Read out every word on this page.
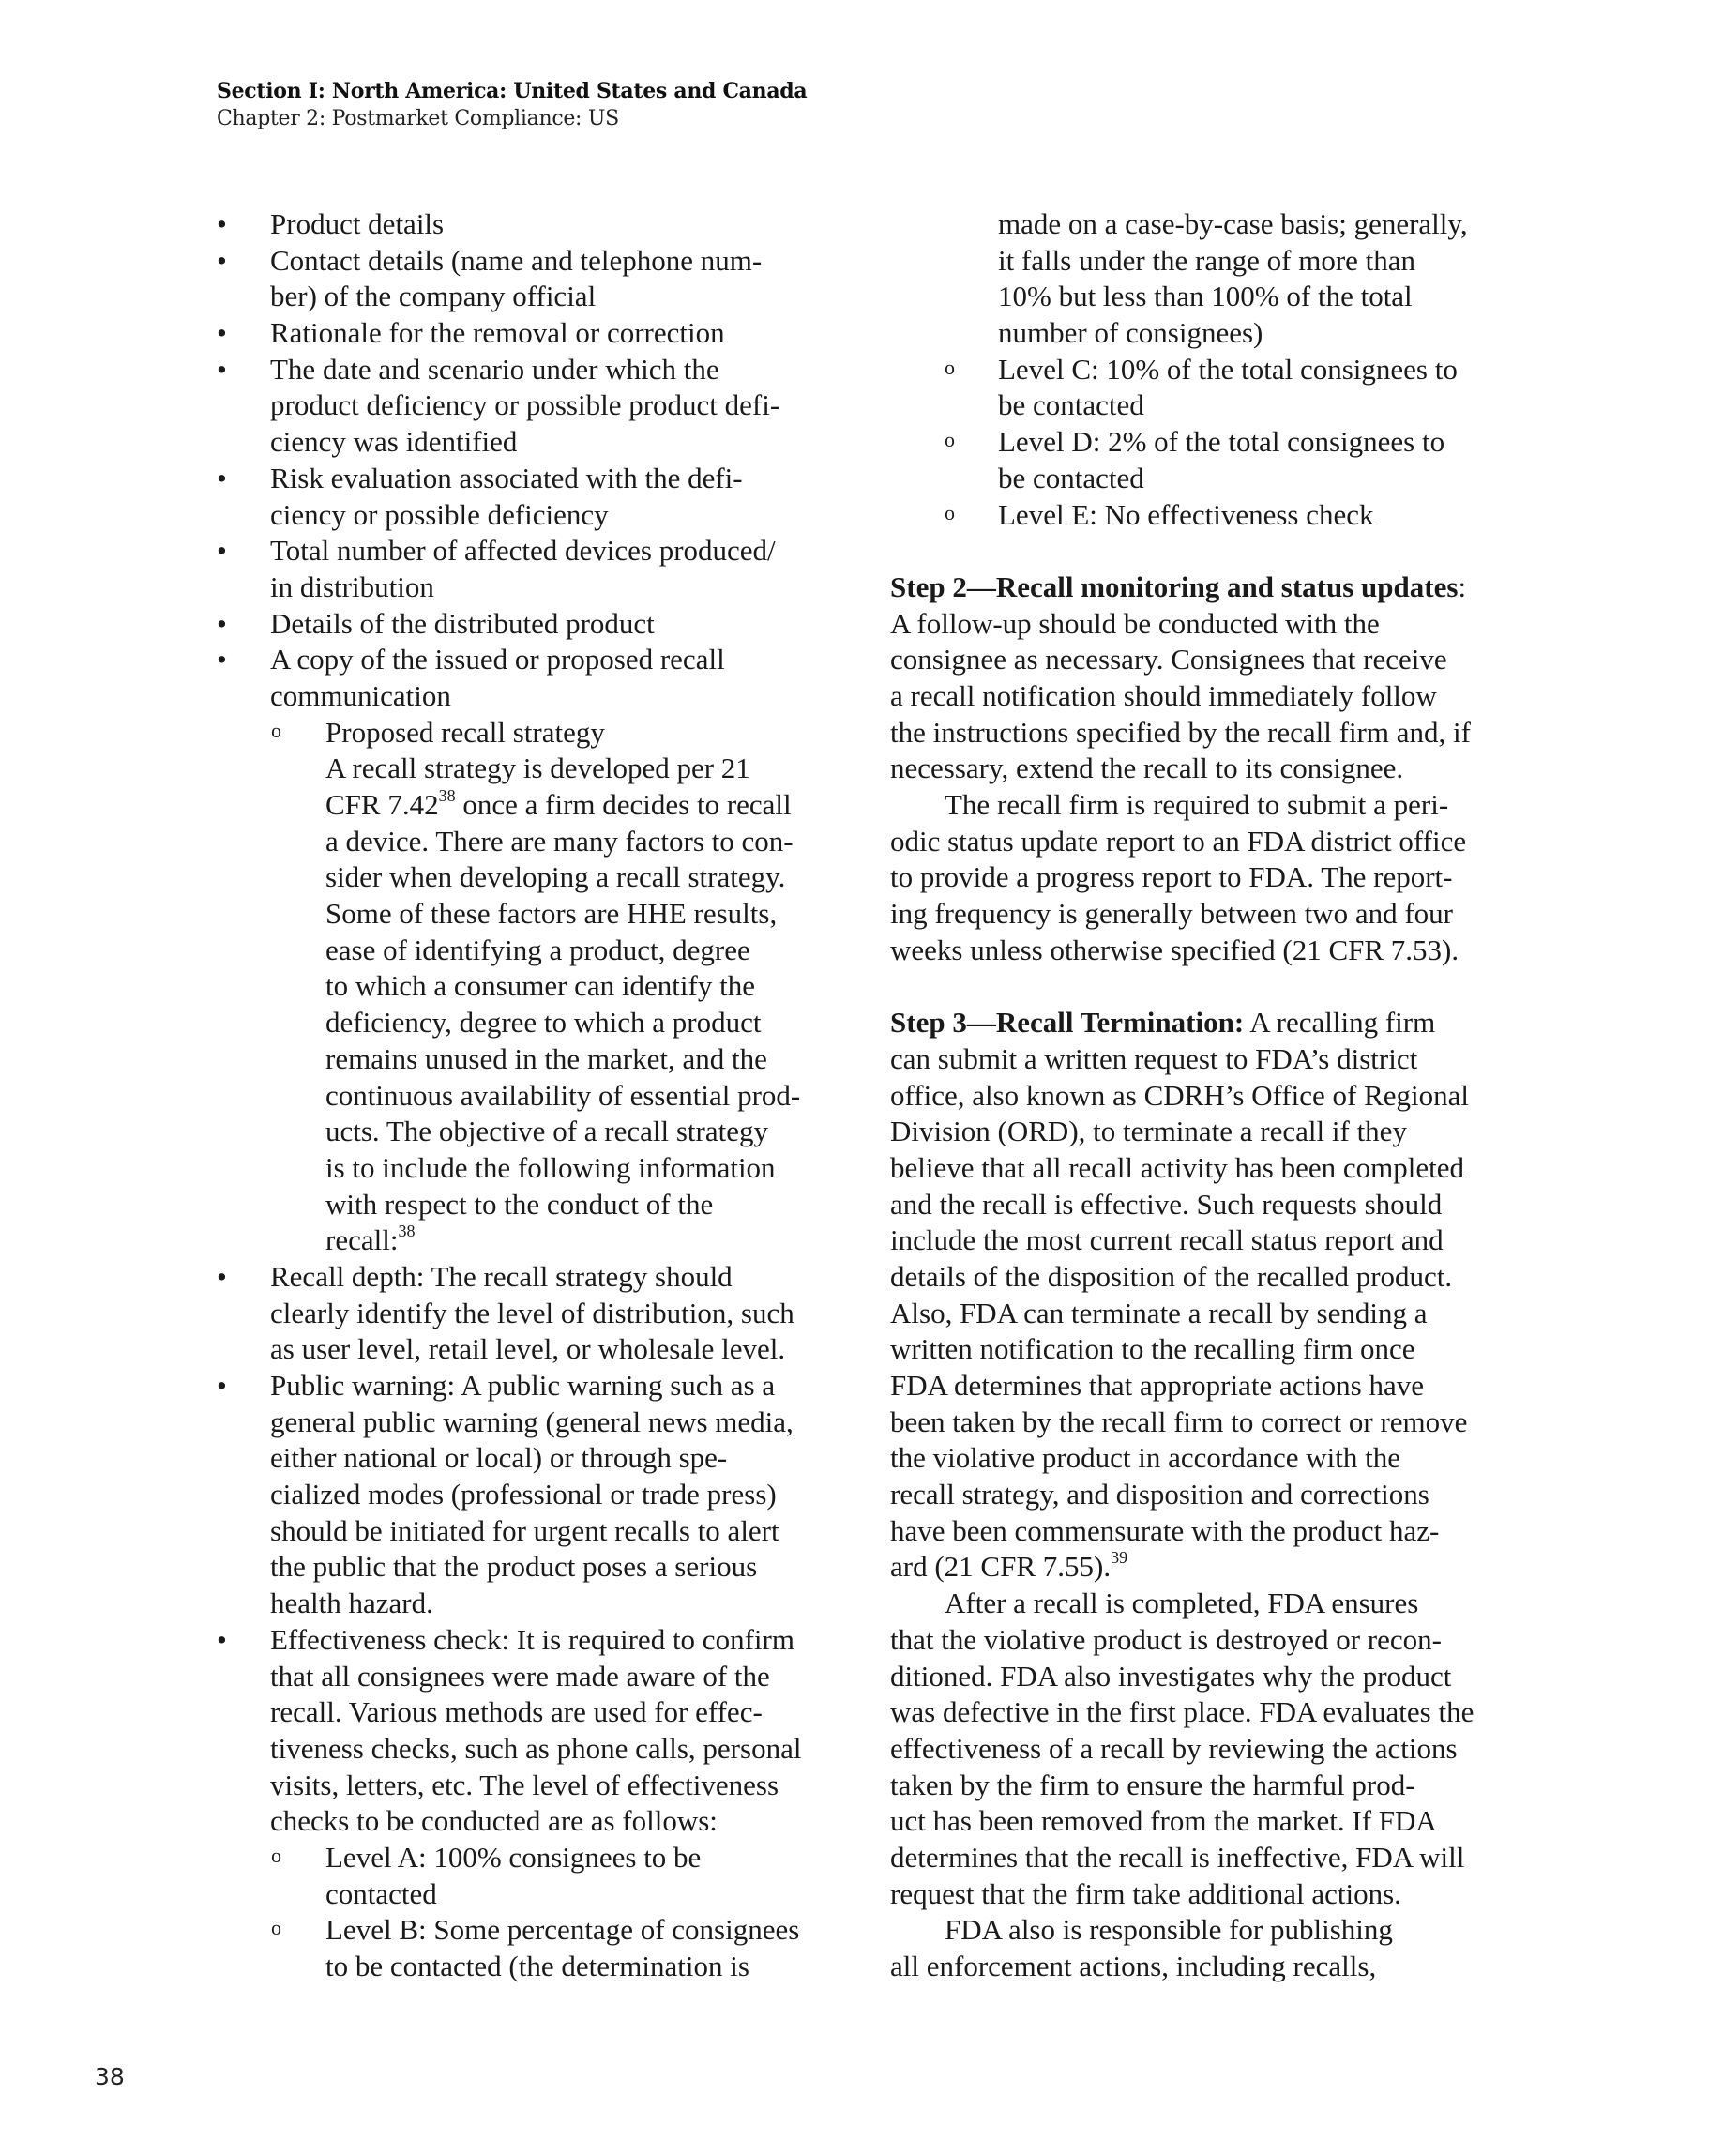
Section I: North America: United States and Canada
Chapter 2: Postmarket Compliance: US
• Product details
• Contact details (name and telephone num-
ber) of the company official
• Rationale for the removal or correction
• The date and scenario under which the
product deficiency or possible product defi-
ciency was identified
• Risk evaluation associated with the defi-
ciency or possible deficiency
• Total number of affected devices produced/
in distribution
• Details of the distributed product
• A copy of the issued or proposed recall
communication
o Proposed recall strategy
A recall strategy is developed per 21
CFR 7.42$^{38}$ once a firm decides to recall
a device. There are many factors to con-
sider when developing a recall strategy.
Some of these factors are HHE results,
ease of identifying a product, degree
to which a consumer can identify the
deficiency, degree to which a product
remains unused in the market, and the
continuous availability of essential prod-
ucts. The objective of a recall strategy
is to include the following information
with respect to the conduct of the
recall:$^{38}$
• Recall depth: The recall strategy should
clearly identify the level of distribution, such
as user level, retail level, or wholesale level.
• Public warning: A public warning such as a
general public warning (general news media,
either national or local) or through spe-
cialized modes (professional or trade press)
should be initiated for urgent recalls to alert
the public that the product poses a serious
health hazard.
• Effectiveness check: It is required to confirm
that all consignees were made aware of the
recall. Various methods are used for effec-
tiveness checks, such as phone calls, personal
visits, letters, etc. The level of effectiveness
checks to be conducted are as follows:
o Level A: 100% consignees to be
contacted
o Level B: Some percentage of consignees
to be contacted (the determination is
made on a case-by-case basis; generally,
it falls under the range of more than
10% but less than 100% of the total
number of consignees)
o Level C: 10% of the total consignees to
be contacted
o Level D: 2% of the total consignees to
be contacted
o Level E: No effectiveness check
Step 2—Recall monitoring and status updates:
A follow-up should be conducted with the
consignee as necessary. Consignees that receive
a recall notification should immediately follow
the instructions specified by the recall firm and, if
necessary, extend the recall to its consignee.
The recall firm is required to submit a peri-
odic status update report to an FDA district office
to provide a progress report to FDA. The report-
ing frequency is generally between two and four
weeks unless otherwise specified (21 CFR 7.53).
Step 3—Recall Termination: A recalling firm
can submit a written request to FDA’s district
office, also known as CDRH’s Office of Regional
Division (ORD), to terminate a recall if they
believe that all recall activity has been completed
and the recall is effective. Such requests should
include the most current recall status report and
details of the disposition of the recalled product.
Also, FDA can terminate a recall by sending a
written notification to the recalling firm once
FDA determines that appropriate actions have
been taken by the recall firm to correct or remove
the violative product in accordance with the
recall strategy, and disposition and corrections
have been commensurate with the product haz-
ard (21 CFR 7.55).$^{39}$
After a recall is completed, FDA ensures
that the violative product is destroyed or recon-
ditioned. FDA also investigates why the product
was defective in the first place. FDA evaluates the
effectiveness of a recall by reviewing the actions
taken by the firm to ensure the harmful prod-
uct has been removed from the market. If FDA
determines that the recall is ineffective, FDA will
request that the firm take additional actions.
FDA also is responsible for publishing
all enforcement actions, including recalls,
38
